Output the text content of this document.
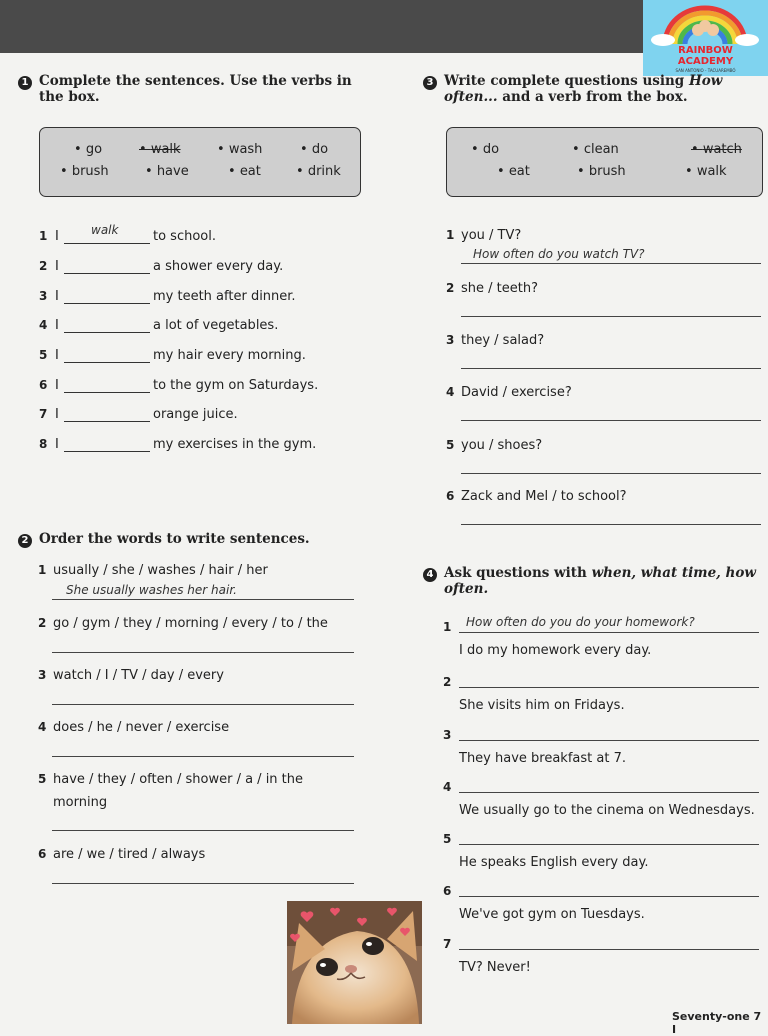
RAINBOW
ACADEMY
SAN ANTONIO - TACUAREMBÓ
1 Complete the sentences. Use the verbs in
the box.
• go	• walk	• wash	• do
• brush	• have	• eat	• drink
1 I	walk	to school.
2 I	a shower every day.
3 I	my teeth after dinner.
4 I	a lot of vegetables.
5 I	my hair every morning.
6 I	to the gym on Saturdays.
7 I	orange juice.
8 I	my exercises in the gym.
2 Order the words to write sentences.
1 usually / she / washes / hair / her
She usually washes her hair.
2 go / gym / they / morning / every / to / the
3 watch / I / TV / day / every
4 does / he / never / exercise
5 have / they / often / shower / a / in the
morning
6 are / we / tired / always
3 Write complete questions using How
often... and a verb from the box.
• do	• clean	• watch
• eat	• brush	• walk
1 you / TV?
How often do you watch TV?
2 she / teeth?
3 they / salad?
4 David / exercise?
5 you / shoes?
6 Zack and Mel / to school?
4 Ask questions with when, what time, how
often.
1 How often do you do your homework?
I do my homework every day.
2
She visits him on Fridays.
3
They have breakfast at 7.
4
We usually go to the cinema on Wednesdays.
5
He speaks English every day.
6
We've got gym on Tuesdays.
7
TV? Never!
Seventy-one 7 I
